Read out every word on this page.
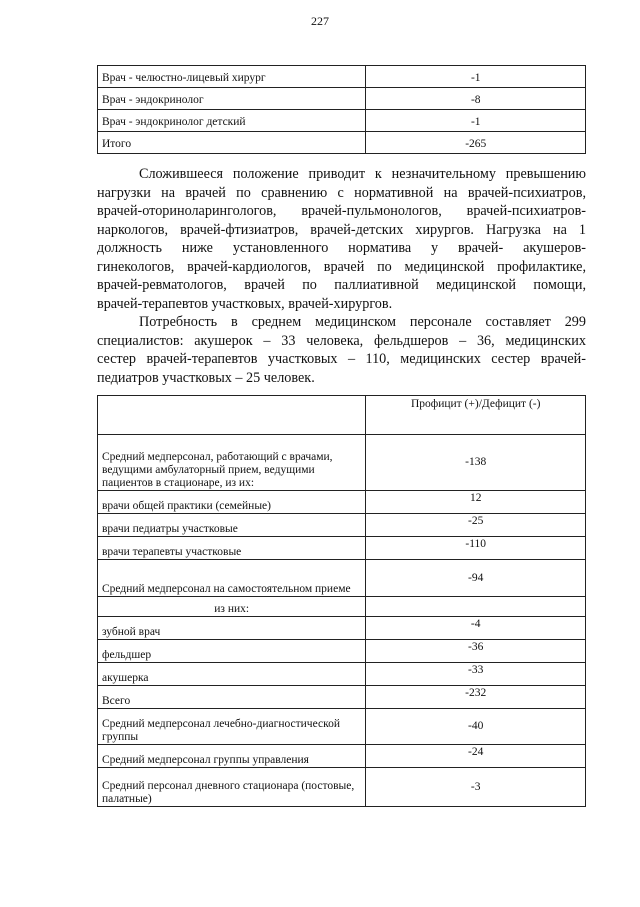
227
Врач - челюстно-лицевый хирург	-1
Врач - эндокринолог	-8
Врач - эндокринолог детский	-1
Итого	-265

Сложившееся положение приводит к незначительному превышению
нагрузки на врачей по сравнению с нормативной на врачей-психиатров,
врачей-оториноларингологов, врачей-пульмонологов, врачей-психиатров-
наркологов, врачей-фтизиатров, врачей-детских хирургов. Нагрузка на 1
должность ниже установленного норматива у врачей- акушеров-
гинекологов, врачей-кардиологов, врачей по медицинской профилактике,
врачей-ревматологов, врачей по паллиативной медицинской помощи,
врачей-терапевтов участковых, врачей-хирургов.

Потребность в среднем медицинском персонале составляет 299
специалистов: акушерок – 33 человека, фельдшеров – 36, медицинских
сестер врачей-терапевтов участковых – 110, медицинских сестер врачей-
педиатров участковых – 25 человек.

	Профицит (+)/Дефицит (-)
Средний медперсонал, работающий с врачами, ведущими амбулаторный прием, ведущими пациентов в стационаре, из их:	-138
врачи общей практики (семейные)	12
врачи педиатры участковые	-25
врачи терапевты участковые	-110
Средний медперсонал на самостоятельном приеме	-94
из них:	
зубной врач	-4
фельдшер	-36
акушерка	-33
Всего	-232
Средний медперсонал лечебно-диагностической группы	-40
Средний медперсонал группы управления	-24
Средний персонал дневного стационара (постовые, палатные)	-3
